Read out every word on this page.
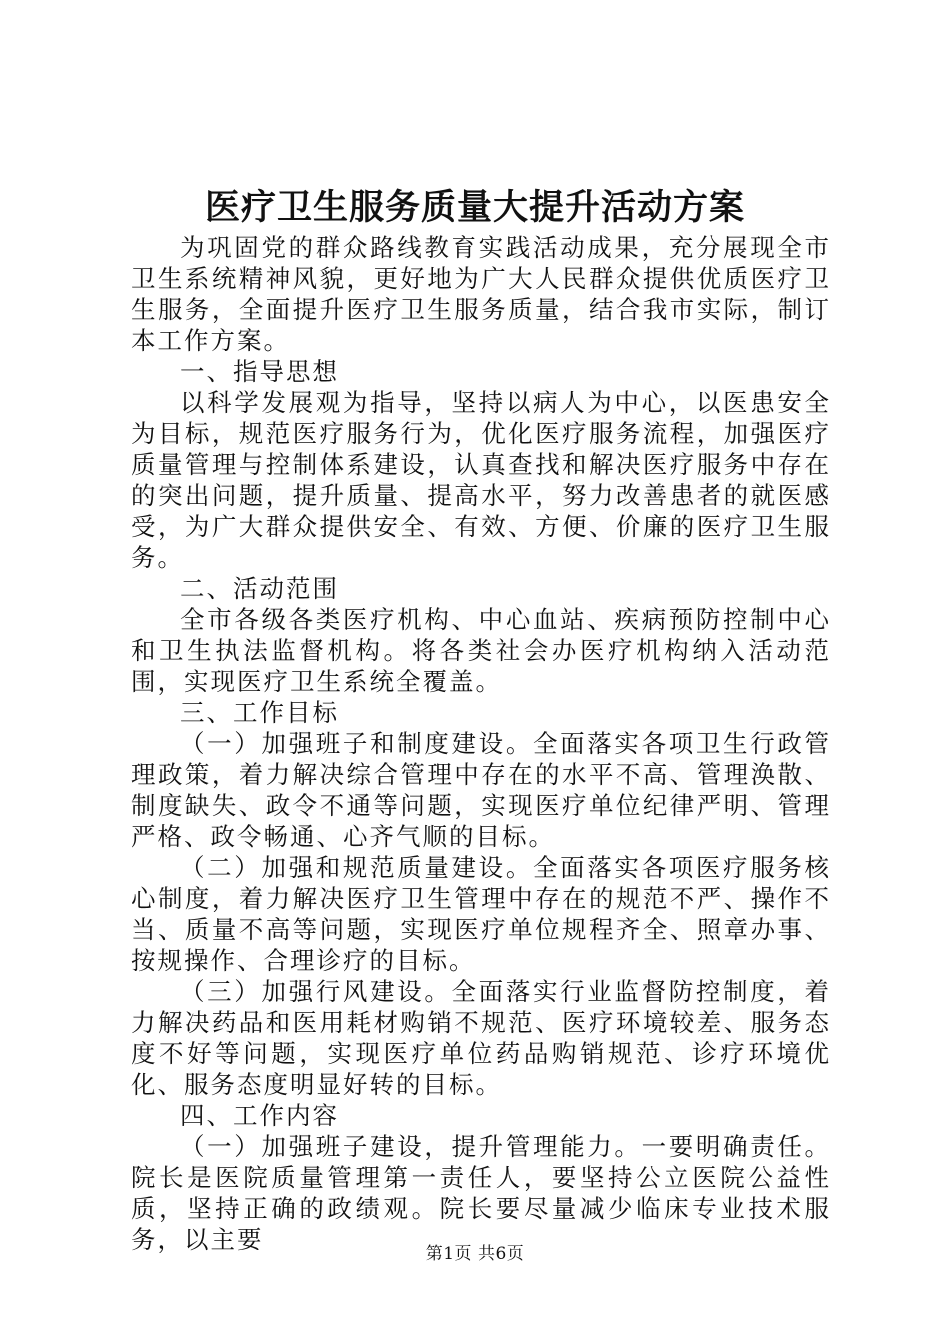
医疗卫生服务质量大提升活动方案

为巩固党的群众路线教育实践活动成果，充分展现全市卫生系统精神风貌，更好地为广大人民群众提供优质医疗卫生服务，全面提升医疗卫生服务质量，结合我市实际，制订本工作方案。

一、指导思想

以科学发展观为指导，坚持以病人为中心，以医患安全为目标，规范医疗服务行为，优化医疗服务流程，加强医疗质量管理与控制体系建设，认真查找和解决医疗服务中存在的突出问题，提升质量、提高水平，努力改善患者的就医感受，为广大群众提供安全、有效、方便、价廉的医疗卫生服务。

二、活动范围

全市各级各类医疗机构、中心血站、疾病预防控制中心和卫生执法监督机构。将各类社会办医疗机构纳入活动范围，实现医疗卫生系统全覆盖。

三、工作目标

（一）加强班子和制度建设。全面落实各项卫生行政管理政策，着力解决综合管理中存在的水平不高、管理涣散、制度缺失、政令不通等问题，实现医疗单位纪律严明、管理严格、政令畅通、心齐气顺的目标。

（二）加强和规范质量建设。全面落实各项医疗服务核心制度，着力解决医疗卫生管理中存在的规范不严、操作不当、质量不高等问题，实现医疗单位规程齐全、照章办事、按规操作、合理诊疗的目标。

（三）加强行风建设。全面落实行业监督防控制度，着力解决药品和医用耗材购销不规范、医疗环境较差、服务态度不好等问题，实现医疗单位药品购销规范、诊疗环境优化、服务态度明显好转的目标。

四、工作内容

（一）加强班子建设，提升管理能力。一要明确责任。院长是医院质量管理第一责任人，要坚持公立医院公益性质，坚持正确的政绩观。院长要尽量减少临床专业技术服务，以主要	第1页 共6页
